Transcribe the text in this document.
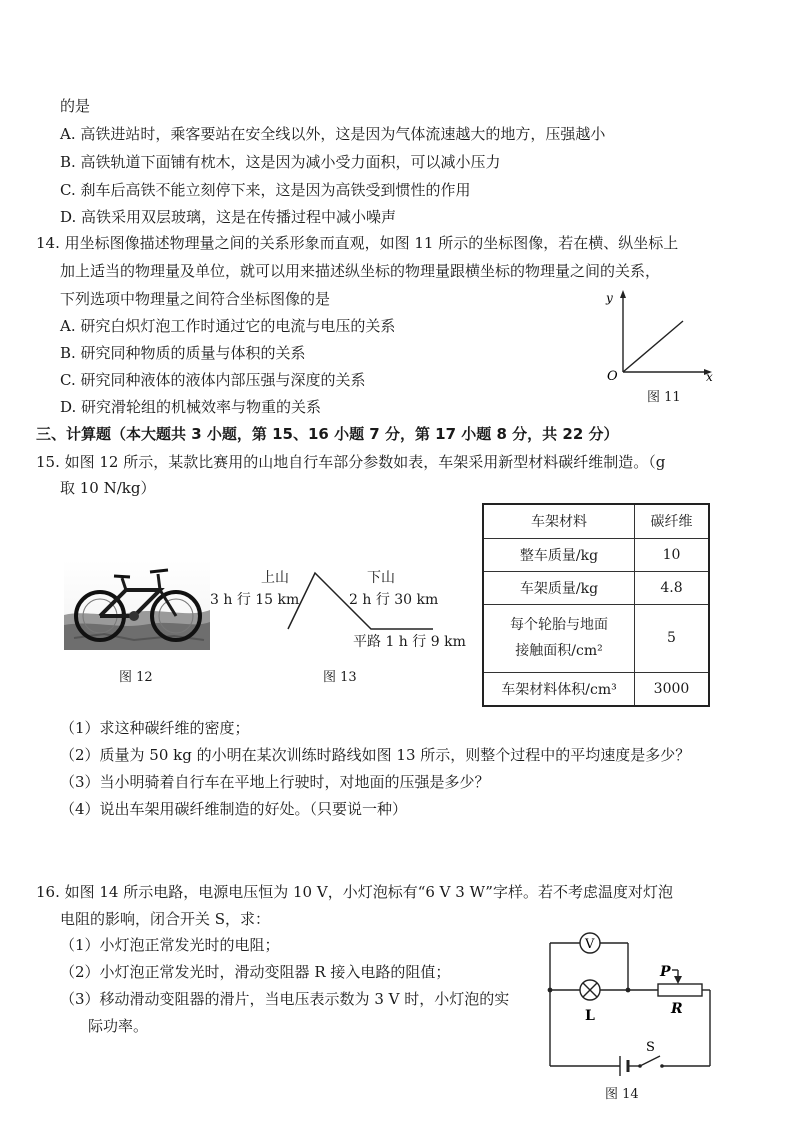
的是
A. 高铁进站时，乘客要站在安全线以外，这是因为气体流速越大的地方，压强越小
B. 高铁轨道下面铺有枕木，这是因为减小受力面积，可以减小压力
C. 刹车后高铁不能立刻停下来，这是因为高铁受到惯性的作用
D. 高铁采用双层玻璃，这是在传播过程中减小噪声
14. 用坐标图像描述物理量之间的关系形象而直观，如图 11 所示的坐标图像，若在横、纵坐标上
加上适当的物理量及单位，就可以用来描述纵坐标的物理量跟横坐标的物理量之间的关系，
下列选项中物理量之间符合坐标图像的是
A. 研究白炽灯泡工作时通过它的电流与电压的关系
B. 研究同种物质的质量与体积的关系
C. 研究同种液体的液体内部压强与深度的关系
D. 研究滑轮组的机械效率与物重的关系
y
O	x
图 11
三、计算题（本大题共 3 小题，第 15、16 小题 7 分，第 17 小题 8 分，共 22 分）
15. 如图 12 所示，某款比赛用的山地自行车部分参数如表，车架采用新型材料碳纤维制造。（g
取 10 N/kg）
图 12
上山
3 h 行 15 km
下山
2 h 行 30 km
平路 1 h 行 9 km
图 13
车架材料	碳纤维
整车质量/kg	10
车架质量/kg	4.8

每个轮胎与地面
接触面积/cm²	5
车架材料体积/cm³	3000
（1）求这种碳纤维的密度；
（2）质量为 50 kg 的小明在某次训练时路线如图 13 所示，则整个过程中的平均速度是多少？
（3）当小明骑着自行车在平地上行驶时，对地面的压强是多少？
（4）说出车架用碳纤维制造的好处。（只要说一种）
16. 如图 14 所示电路，电源电压恒为 10 V，小灯泡标有“6 V 3 W”字样。若不考虑温度对灯泡
电阻的影响，闭合开关 S，求：
（1）小灯泡正常发光时的电阻；
（2）小灯泡正常发光时，滑动变阻器 R 接入电路的阻值；
（3）移动滑动变阻器的滑片，当电压表示数为 3 V 时，小灯泡的实
际功率。
V
L
P
R
S
图 14
